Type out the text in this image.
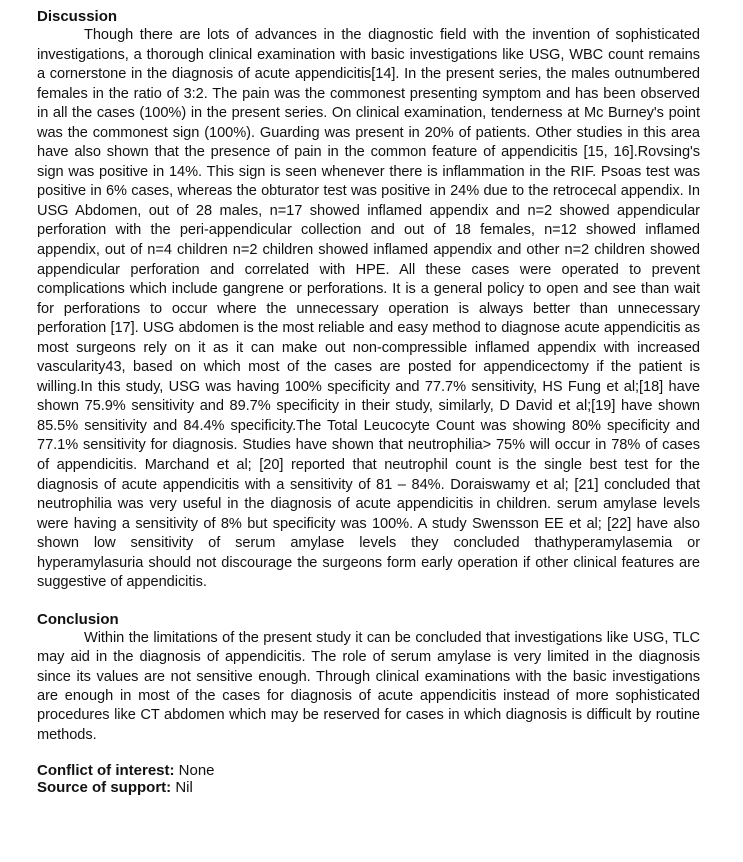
Discussion

Though there are lots of advances in the diagnostic field with the invention of sophisticated investigations, a thorough clinical examination with basic investigations like USG, WBC count remains a cornerstone in the diagnosis of acute appendicitis[14]. In the present series, the males outnumbered females in the ratio of 3:2. The pain was the commonest presenting symptom and has been observed in all the cases (100%) in the present series. On clinical examination, tenderness at Mc Burney's point was the commonest sign (100%). Guarding was present in 20% of patients. Other studies in this area have also shown that the presence of pain in the common feature of appendicitis [15, 16].Rovsing's sign was positive in 14%. This sign is seen whenever there is inflammation in the RIF. Psoas test was positive in 6% cases, whereas the obturator test was positive in 24% due to the retrocecal appendix. In USG Abdomen, out of 28 males, n=17 showed inflamed appendix and n=2 showed appendicular perforation with the peri-appendicular collection and out of 18 females, n=12 showed inflamed appendix, out of n=4 children n=2 children showed inflamed appendix and other n=2 children showed appendicular perforation and correlated with HPE. All these cases were operated to prevent complications which include gangrene or perforations. It is a general policy to open and see than wait for perforations to occur where the unnecessary operation is always better than unnecessary perforation [17]. USG abdomen is the most reliable and easy method to diagnose acute appendicitis as most surgeons rely on it as it can make out non-compressible inflamed appendix with increased vascularity43, based on which most of the cases are posted for appendicectomy if the patient is willing.In this study, USG was having 100% specificity and 77.7% sensitivity, HS Fung et al;[18] have shown 75.9% sensitivity and 89.7% specificity in their study, similarly, D David et al;[19] have shown 85.5% sensitivity and 84.4% specificity.The Total Leucocyte Count was showing 80% specificity and 77.1% sensitivity for diagnosis. Studies have shown that neutrophilia> 75% will occur in 78% of cases of appendicitis. Marchand et al; [20] reported that neutrophil count is the single best test for the diagnosis of acute appendicitis with a sensitivity of 81 – 84%. Doraiswamy et al; [21] concluded that neutrophilia was very useful in the diagnosis of acute appendicitis in children. serum amylase levels were having a sensitivity of 8% but specificity was 100%. A study Swensson EE et al; [22] have also shown low sensitivity of serum amylase levels they concluded thathyperamylasemia or hyperamylasuria should not discourage the surgeons form early operation if other clinical features are suggestive of appendicitis.

Conclusion

Within the limitations of the present study it can be concluded that investigations like USG, TLC may aid in the diagnosis of appendicitis. The role of serum amylase is very limited in the diagnosis since its values are not sensitive enough. Through clinical examinations with the basic investigations are enough in most of the cases for diagnosis of acute appendicitis instead of more sophisticated procedures like CT abdomen which may be reserved for cases in which diagnosis is difficult by routine methods.

Conflict of interest: None

Source of support: Nil
